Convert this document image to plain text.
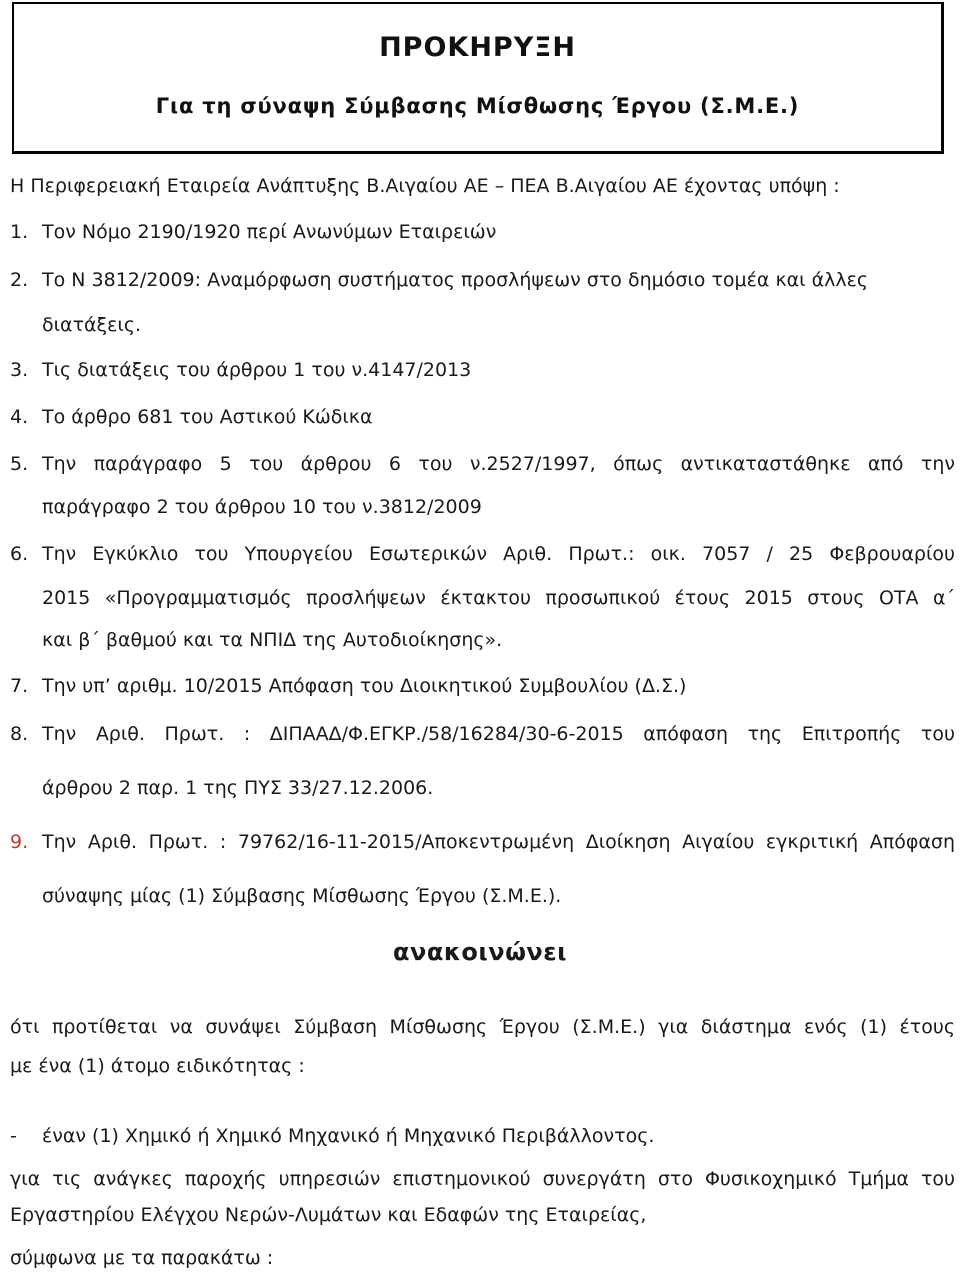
ΠΡΟΚΗΡΥΞΗ
Για τη σύναψη Σύμβασης Μίσθωσης Έργου (Σ.Μ.Ε.)
Η Περιφερειακή Εταιρεία Ανάπτυξης Β.Αιγαίου ΑΕ – ΠΕΑ Β.Αιγαίου ΑΕ έχοντας υπόψη :
1. Τον Νόμο 2190/1920 περί Ανωνύμων Εταιρειών
2. Το Ν 3812/2009: Αναμόρφωση συστήματος προσλήψεων στο δημόσιο τομέα και άλλες
διατάξεις.
3. Τις διατάξεις του άρθρου 1 του ν.4147/2013
4. Το άρθρο 681 του Αστικού Κώδικα
5. Την παράγραφο 5 του άρθρου 6 του ν.2527/1997, όπως αντικαταστάθηκε από την
παράγραφο 2 του άρθρου 10 του ν.3812/2009
6. Την Εγκύκλιο του Υπουργείου Εσωτερικών Αριθ. Πρωτ.: οικ. 7057 / 25 Φεβρουαρίου
2015 «Προγραμματισμός προσλήψεων έκτακτου προσωπικού έτους 2015 στους ΟΤΑ α΄
και β΄ βαθμού και τα ΝΠΙΔ της Αυτοδιοίκησης».
7. Την υπ’ αριθμ. 10/2015 Απόφαση του Διοικητικού Συμβουλίου (Δ.Σ.)
8. Την Αριθ. Πρωτ. : ΔΙΠΑΑΔ/Φ.ΕΓΚΡ./58/16284/30-6-2015 απόφαση της Επιτροπής του
άρθρου 2 παρ. 1 της ΠΥΣ 33/27.12.2006.
9. Την Αριθ. Πρωτ. : 79762/16-11-2015/Αποκεντρωμένη Διοίκηση Αιγαίου εγκριτική Απόφαση
σύναψης μίας (1) Σύμβασης Μίσθωσης Έργου (Σ.Μ.Ε.).
ανακοινώνει
ότι προτίθεται να συνάψει Σύμβαση Μίσθωσης Έργου (Σ.Μ.Ε.) για διάστημα ενός (1) έτους
με ένα (1) άτομο ειδικότητας :
- έναν (1) Χημικό ή Χημικό Μηχανικό ή Μηχανικό Περιβάλλοντος.
για τις ανάγκες παροχής υπηρεσιών επιστημονικού συνεργάτη στο Φυσικοχημικό Τμήμα του
Εργαστηρίου Ελέγχου Νερών-Λυμάτων και Εδαφών της Εταιρείας,
σύμφωνα με τα παρακάτω :
